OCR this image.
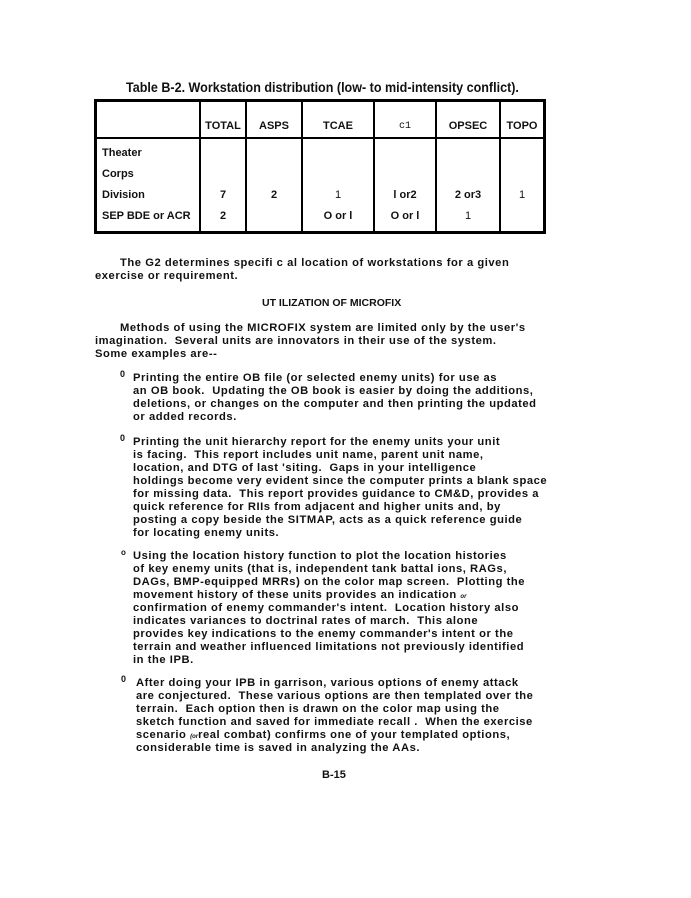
Table B-2. Workstation distribution (low- to mid-intensity conflict).
	TOTAL	ASPS	TCAE	c1	OPSEC	TOPO
Theater						
Corps						
Division	7	2	1	l or2	2 or3	1
SEP BDE or ACR	2		O or l	O or l	1	
The G2 determines specifi c al location of workstations for a given
exercise or requirement.
UT ILIZATION OF MICROFIX
Methods of using the MICROFIX system are limited only by the user's
imagination.  Several units are innovators in their use of the system.
Some examples are--
0 Printing the entire OB file (or selected enemy units) for use as
an OB book.  Updating the OB book is easier by doing the additions,
deletions, or changes on the computer and then printing the updated
or added records.
0 Printing the unit hierarchy report for the enemy units your unit
is facing.  This report includes unit name, parent unit name,
location, and DTG of last 'siting.  Gaps in your intelligence
holdings become very evident since the computer prints a blank space
for missing data.  This report provides guidance to CM&D, provides a
quick reference for RIIs from adjacent and higher units and, by
posting a copy beside the SITMAP, acts as a quick reference guide
for locating enemy units.
o Using the location history function to plot the location histories
of key enemy units (that is, independent tank battal ions, RAGs,
DAGs, BMP-equipped MRRs) on the color map screen.  Plotting the
movement history of these units provides an indication or
confirmation of enemy commander's intent.  Location history also
indicates variances to doctrinal rates of march.  This alone
provides key indications to the enemy commander's intent or the
terrain and weather influenced limitations not previously identified
in the IPB.
0 After doing your IPB in garrison, various options of enemy attack
are conjectured.  These various options are then templated over the
terrain.  Each option then is drawn on the color map using the
sketch function and saved for immediate recall .  When the exercise
scenario (orreal combat) confirms one of your templated options,
considerable time is saved in analyzing the AAs.
B-15
